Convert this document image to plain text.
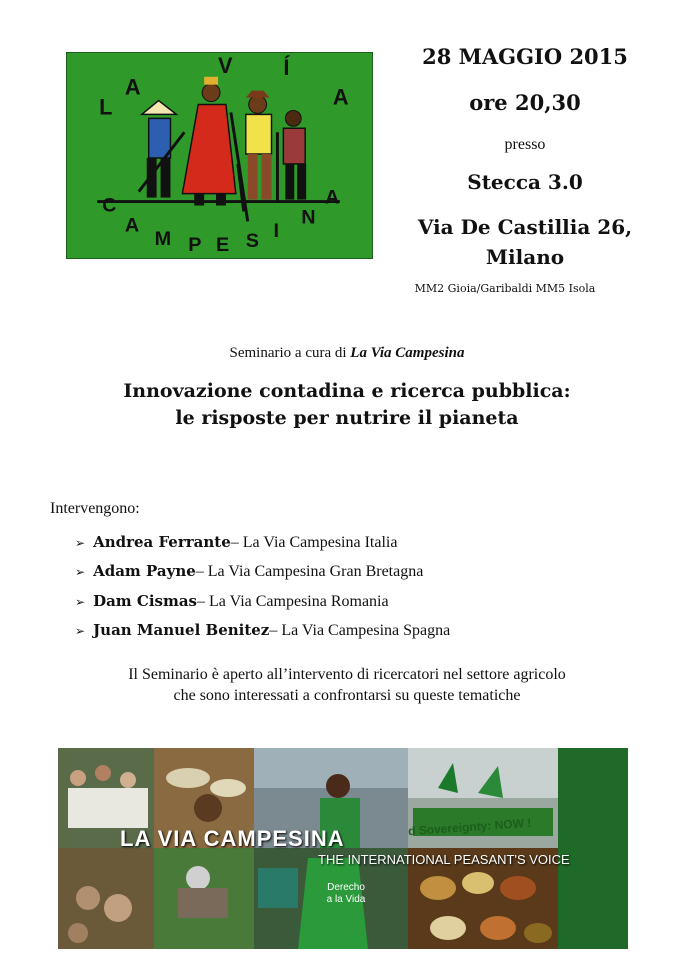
L
A
V Í
A
C
A
M P E S I
N
A
28 MAGGIO 2015
ore 20,30
presso
Stecca 3.0
Via De Castillia 26,
Milano
MM2 Gioia/Garibaldi MM5 Isola
Seminario a cura di La Via Campesina
Innovazione contadina e ricerca pubblica:
le risposte per nutrire il pianeta
Intervengono:
➢ Andrea Ferrante – La Via Campesina Italia
➢ Adam Payne – La Via Campesina Gran Bretagna
➢ Dam Cismas – La Via Campesina Romania
➢ Juan Manuel Benitez – La Via Campesina Spagna
Il Seminario è aperto all’intervento di ricercatori nel settore agricolo
che sono interessati a confrontarsi su queste tematiche
LA VIA CAMPESINA
THE INTERNATIONAL PEASANT'S VOICE
d Sovereignty: NOW !
Derecho
a la Vida
